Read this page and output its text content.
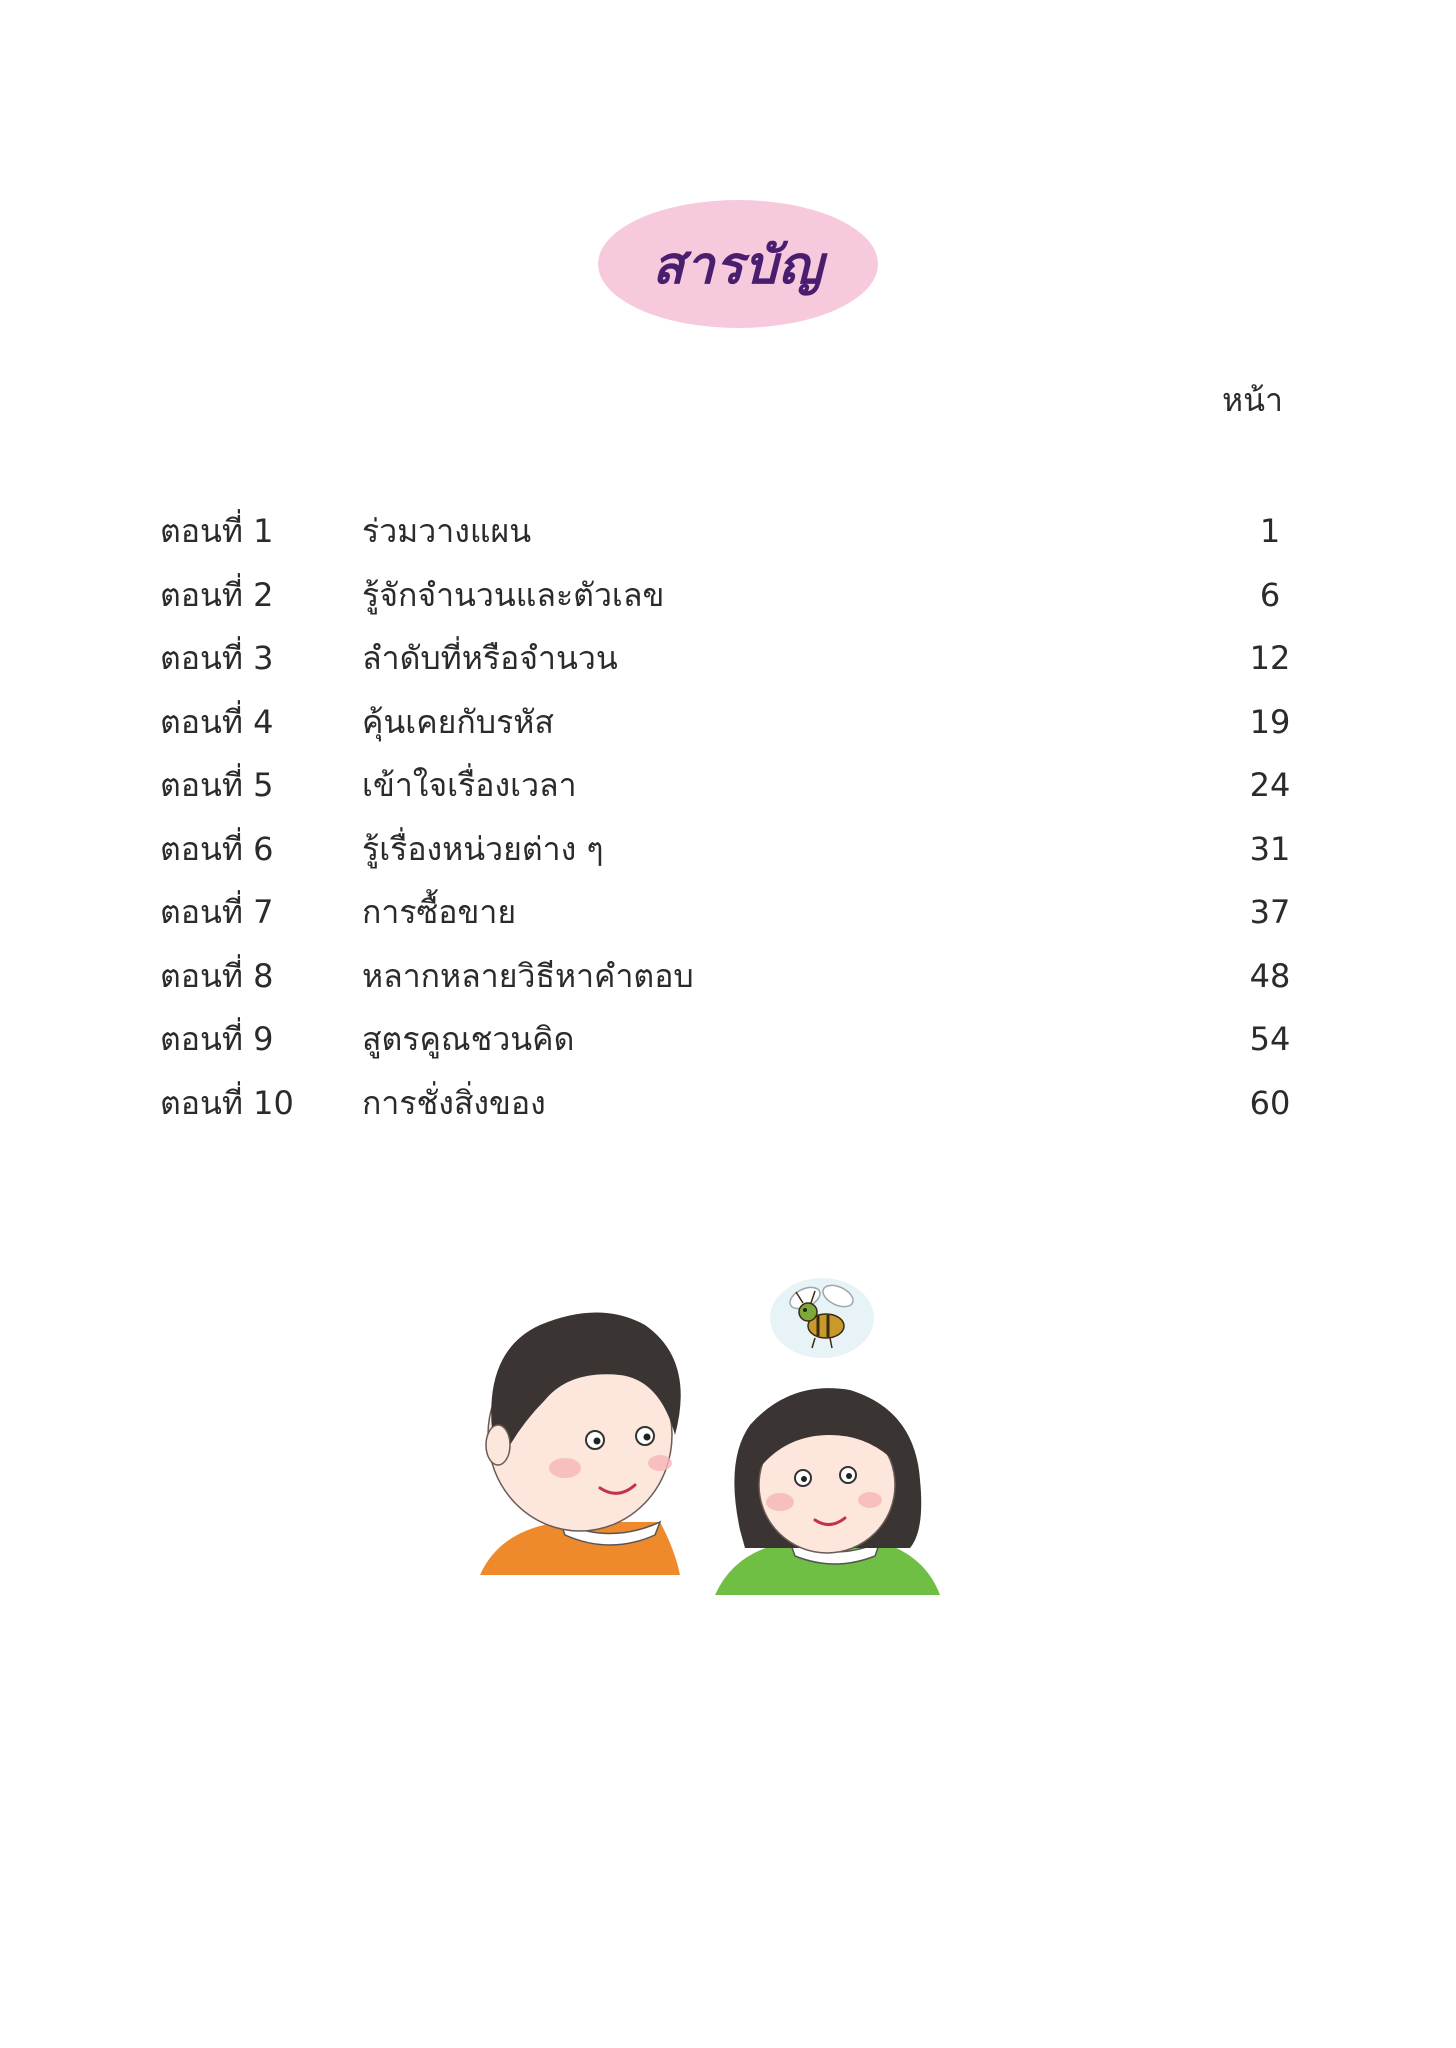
สารบัญ
หน้า
ตอนที่ 1	ร่วมวางแผน	1
ตอนที่ 2	รู้จักจำนวนและตัวเลข	6
ตอนที่ 3	ลำดับที่หรือจำนวน	12
ตอนที่ 4	คุ้นเคยกับรหัส	19
ตอนที่ 5	เข้าใจเรื่องเวลา	24
ตอนที่ 6	รู้เรื่องหน่วยต่าง ๆ	31
ตอนที่ 7	การซื้อขาย	37
ตอนที่ 8	หลากหลายวิธีหาคำตอบ	48
ตอนที่ 9	สูตรคูณชวนคิด	54
ตอนที่ 10 การชั่งสิ่งของ	60
